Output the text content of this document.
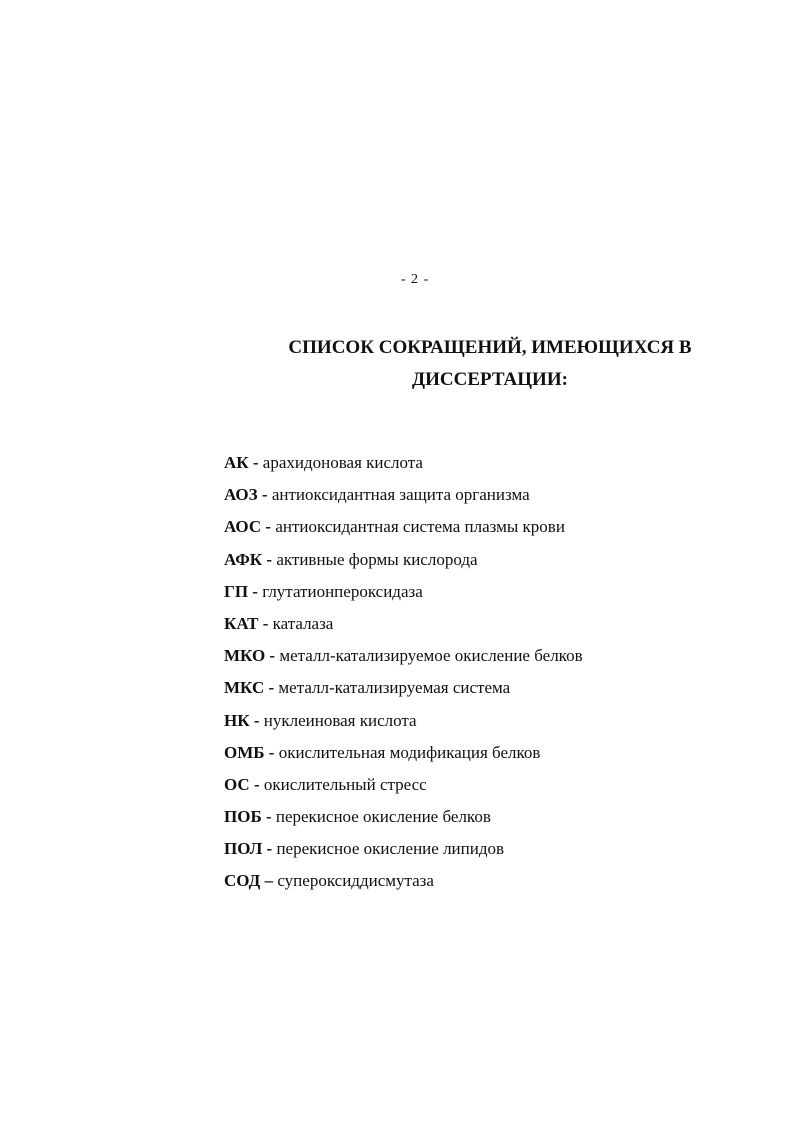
- 2 -
СПИСОК СОКРАЩЕНИЙ, ИМЕЮЩИХСЯ В
ДИССЕРТАЦИИ:
АК - арахидоновая кислота
АОЗ - антиоксидантная защита организма
АОС - антиоксидантная система плазмы крови
АФК - активные формы кислорода
ГП - глутатионпероксидаза
КАТ - каталаза
МКО - металл-катализируемое окисление белков
МКС - металл-катализируемая система
НК - нуклеиновая кислота
ОМБ - окислительная модификация белков
ОС - окислительный стресс
ПОБ - перекисное окисление белков
ПОЛ - перекисное окисление липидов
СОД – супероксиддисмутаза
